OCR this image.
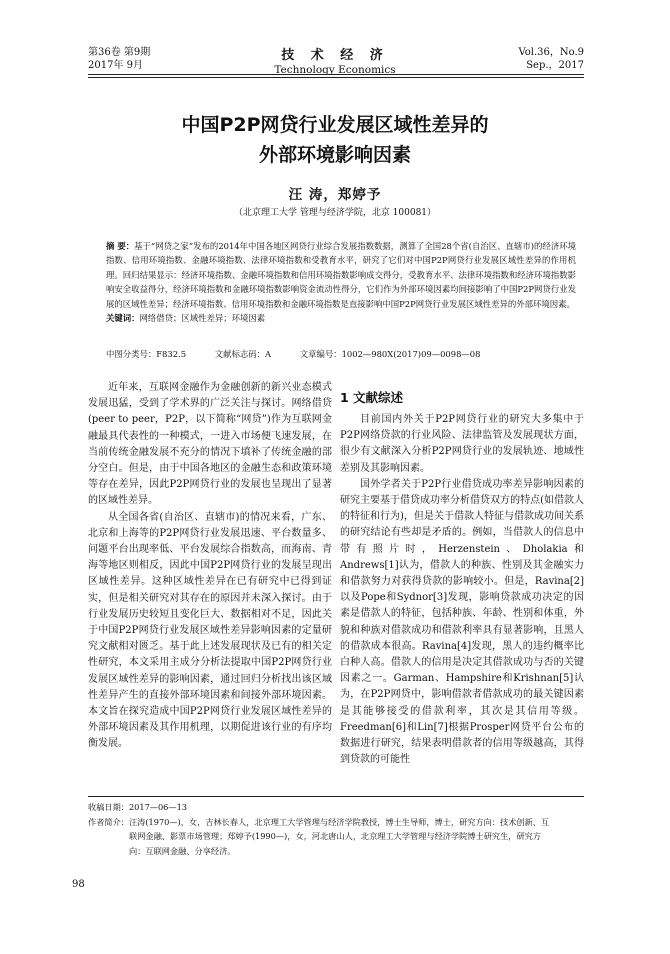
第36卷 第9期
2017年 9月
技 术 经 济
Technology Economics
Vol.36，No.9
Sep.，2017
中国P2P网贷行业发展区域性差异的
外部环境影响因素
汪 涛，郑婷予
（北京理工大学 管理与经济学院，北京 100081）
摘 要：基于“网贷之家”发布的2014年中国各地区网贷行业综合发展指数数据，测算了全国28个省(自治区、直辖市)的经济环境指数、信用环境指数、金融环境指数、法律环境指数和受教育水平，研究了它们对中国P2P网贷行业发展区域性差异的作用机理。回归结果显示：经济环境指数、金融环境指数和信用环境指数影响成交得分，受教育水平、法律环境指数和经济环境指数影响安全收益得分，经济环境指数和金融环境指数影响资金流动性得分，它们作为外部环境因素均间接影响了中国P2P网贷行业发展的区域性差异；经济环境指数、信用环境指数和金融环境指数是直接影响中国P2P网贷行业发展区域性差异的外部环境因素。
关键词：网络借贷；区域性差异；环境因素
中图分类号：F832.5	文献标志码：A	文章编号：1002—980X(2017)09—0098—08

近年来，互联网金融作为金融创新的新兴业态模式发展迅猛，受到了学术界的广泛关注与探讨。网络借贷(peer to peer，P2P，以下简称“网贷”)作为互联网金融最具代表性的一种模式，一进入市场便飞速发展，在当前传统金融发展不充分的情况下填补了传统金融的部分空白。但是，由于中国各地区的金融生态和政策环境等存在差异，因此P2P网贷行业的发展也呈现出了显著的区域性差异。

从全国各省(自治区、直辖市)的情况来看，广东、北京和上海等的P2P网贷行业发展迅速、平台数量多、问题平台出现率低、平台发展综合指数高，而海南、青海等地区则相反，因此中国P2P网贷行业的发展呈现出区域性差异。这种区域性差异在已有研究中已得到证实，但是相关研究对其存在的原因并未深入探讨。由于行业发展历史较短且变化巨大、数据相对不足，因此关于中国P2P网贷行业发展区域性差异影响因素的定量研究文献相对匮乏。基于此上述发展现状及已有的相关定性研究，本文采用主成分分析法提取中国P2P网贷行业发展区域性差异的影响因素，通过回归分析找出该区域性差异产生的直接外部环境因素和间接外部环境因素。本文旨在探究造成中国P2P网贷行业发展区域性差异的外部环境因素及其作用机理，以期促进该行业的有序均衡发展。

1 文献综述

目前国内外关于P2P网贷行业的研究大多集中于P2P网络贷款的行业风险、法律监管及发展现状方面，很少有文献深入分析P2P网贷行业的发展轨迹、地域性差别及其影响因素。

国外学者关于P2P行业借贷成功率差异影响因素的研究主要基于借贷成功率分析借贷双方的特点(如借款人的特征和行为)，但是关于借款人特征与借款成功间关系的研究结论有些却是矛盾的。例如，当借款人的信息中带有照片时，Herzenstein、Dholakia和Andrews[1]认为，借款人的种族、性别及其金融实力和借款努力对获得贷款的影响较小。但是，Ravina[2]以及Pope和Sydnor[3]发现，影响贷款成功决定的因素是借款人的特征，包括种族、年龄、性别和体重，外貌和种族对借款成功和借款利率具有显著影响，且黑人的借款成本很高。Ravina[4]发现，黑人的违约概率比白种人高。借款人的信用是决定其借款成功与否的关键因素之一。Garman、Hampshire和Krishnan[5]认为，在P2P网贷中，影响借款者借款成功的最关键因素是其能够接受的借款利率，其次是其信用等级。Freedman[6]和Lin[7]根据Prosper网贷平台公布的数据进行研究，结果表明借款者的信用等级越高，其得到贷款的可能性

收稿日期：2017—06—13
作者简介：汪涛(1970—)，女，吉林长春人，北京理工大学管理与经济学院教授，博士生导师，博士，研究方向：技术创新、互
联网金融、影票市场管理；郑婷予(1990—)，女，河北唐山人，北京理工大学管理与经济学院博士研究生，研究方
向：互联网金融、分享经济。
98
